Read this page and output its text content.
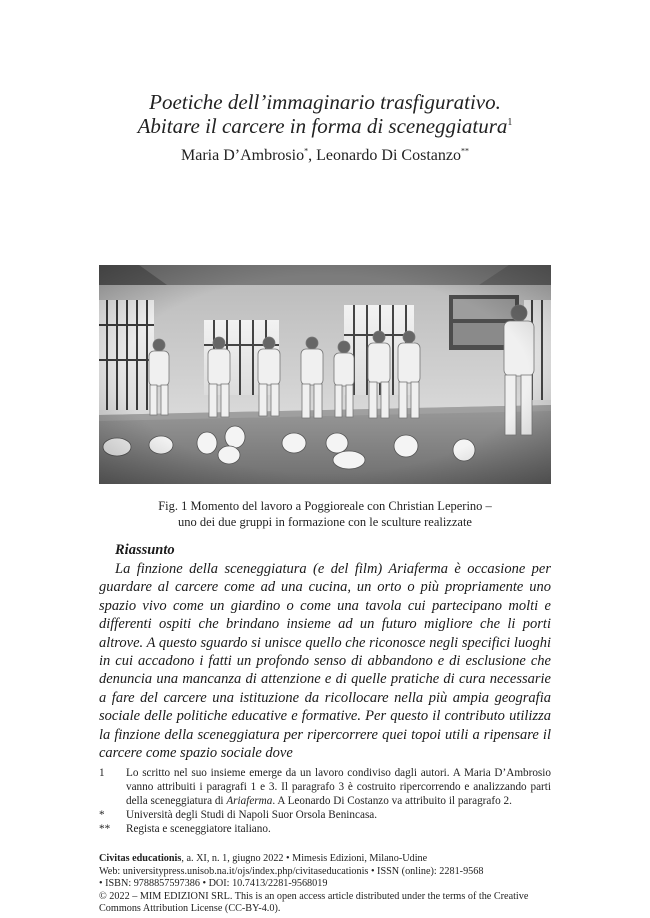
Poetiche dell’immaginario trasfigurativo.
Abitare il carcere in forma di sceneggiatura$^1$
Maria D’Ambrosio*, Leonardo Di Costanzo**
Fig. 1 Momento del lavoro a Poggioreale con Christian Leperino –
uno dei due gruppi in formazione con le sculture realizzate
Riassunto
La finzione della sceneggiatura (e del film) Ariaferma è occasione per guardare al carcere come ad una cucina, un orto o più propriamente uno spazio vivo come un giardino o come una tavola cui partecipano molti e differenti ospiti che brindano insieme ad un futuro migliore che li porti altrove. A questo sguardo si unisce quello che riconosce negli specifici luoghi in cui accadono i fatti un profondo senso di abbandono e di esclusione che denuncia una mancanza di attenzione e di quelle pratiche di cura necessarie a fare del carcere una istituzione da ricollocare nella più ampia geografia sociale delle politiche educative e formative. Per questo il contributo utilizza la finzione della sceneggiatura per ripercorrere quei topoi utili a ripensare il carcere come spazio sociale dove
1	Lo scritto nel suo insieme emerge da un lavoro condiviso dagli autori. A Maria D’Ambrosio vanno attribuiti i paragrafi 1 e 3. Il paragrafo 3 è costruito ripercorrendo e analizzando parti della sceneggiatura di Ariaferma. A Leonardo Di Costanzo va attribuito il paragrafo 2.
*	Università degli Studi di Napoli Suor Orsola Benincasa.
**	Regista e sceneggiatore italiano.
Civitas educationis, a. XI, n. 1, giugno 2022 • Mimesis Edizioni, Milano-Udine
Web: universitypress.unisob.na.it/ojs/index.php/civitaseducationis • ISSN (online): 2281-9568
• ISBN: 9788857597386 • DOI: 10.7413/2281-9568019
© 2022 – MIM EDIZIONI SRL. This is an open access article distributed under the terms of the Creative
Commons Attribution License (CC-BY-4.0).
